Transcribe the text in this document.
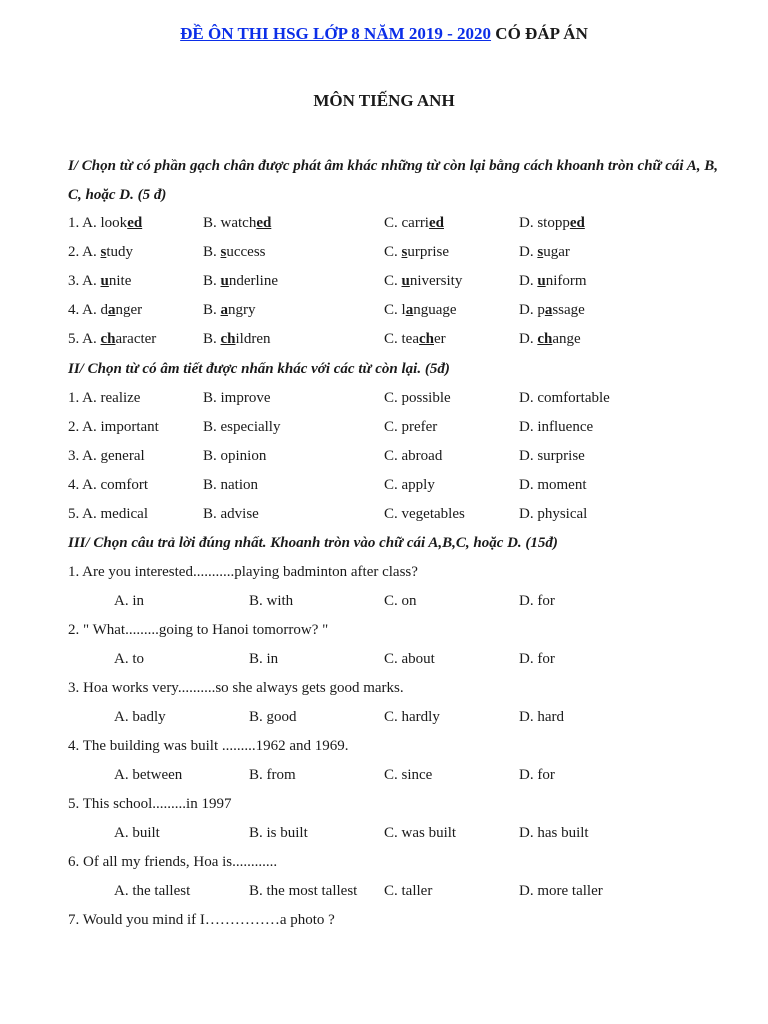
ĐỀ ÔN THI HSG LỚP 8 NĂM 2019 - 2020 CÓ ĐÁP ÁN
MÔN TIẾNG ANH
I/ Chọn từ có phần gạch chân được phát âm khác những từ còn lại bằng cách khoanh tròn chữ cái A, B, C, hoặc D. (5 đ)
1. A. looked	B. watched	C. carried	D. stopped
2. A. study	B. success	C. surprise	D. sugar
3. A. unite	B. underline	C. university	D. uniform
4. A. danger	B. angry	C. language	D. passage
5. A. character	B. children	C. teacher	D. change
II/ Chọn từ có âm tiết được nhấn khác với các từ còn lại. (5đ)
1. A. realize	B. improve	C. possible	D. comfortable
2. A. important	B. especially	C. prefer	D. influence
3. A. general	B. opinion	C. abroad	D. surprise
4. A. comfort	B. nation	C. apply	D. moment
5. A. medical	B. advise	C. vegetables	D. physical
III/ Chọn câu trả lời đúng nhất. Khoanh tròn vào chữ cái A,B,C, hoặc D. (15đ)
1. Are you interested...........playing badminton after class?
A. in	B. with	C. on	D. for
2. " What.........going to Hanoi tomorrow? "
A. to	B. in	C. about	D. for
3. Hoa works very..........so she always gets good marks.
A. badly	B. good	C. hardly	D. hard
4. The building was built .........1962 and 1969.
A. between	B. from	C. since	D. for
5. This school.........in 1997
A. built	B. is built	C. was built	D. has built
6. Of all my friends, Hoa is............
A. the tallest	B. the most tallest C. taller	D. more taller
7. Would you mind if I……………a photo ?
